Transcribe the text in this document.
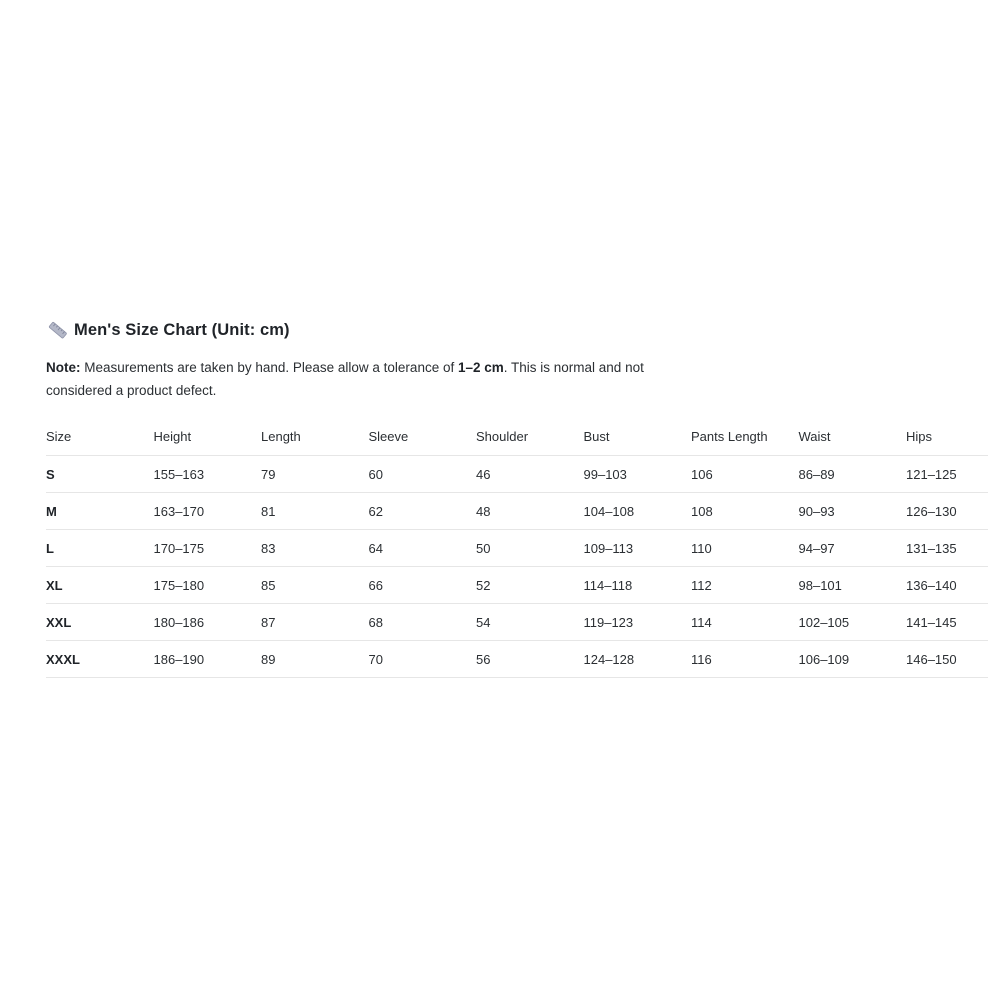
Men's Size Chart (Unit: cm)
Note: Measurements are taken by hand. Please allow a tolerance of 1–2 cm. This is normal and not considered a product defect.
Size	Height	Length	Sleeve	Shoulder	Bust	Pants Length	Waist	Hips
S	155–163	79	60	46	99–103	106	86–89	121–125
M	163–170	81	62	48	104–108	108	90–93	126–130
L	170–175	83	64	50	109–113	110	94–97	131–135
XL	175–180	85	66	52	114–118	112	98–101	136–140
XXL	180–186	87	68	54	119–123	114	102–105	141–145
XXXL	186–190	89	70	56	124–128	116	106–109	146–150
